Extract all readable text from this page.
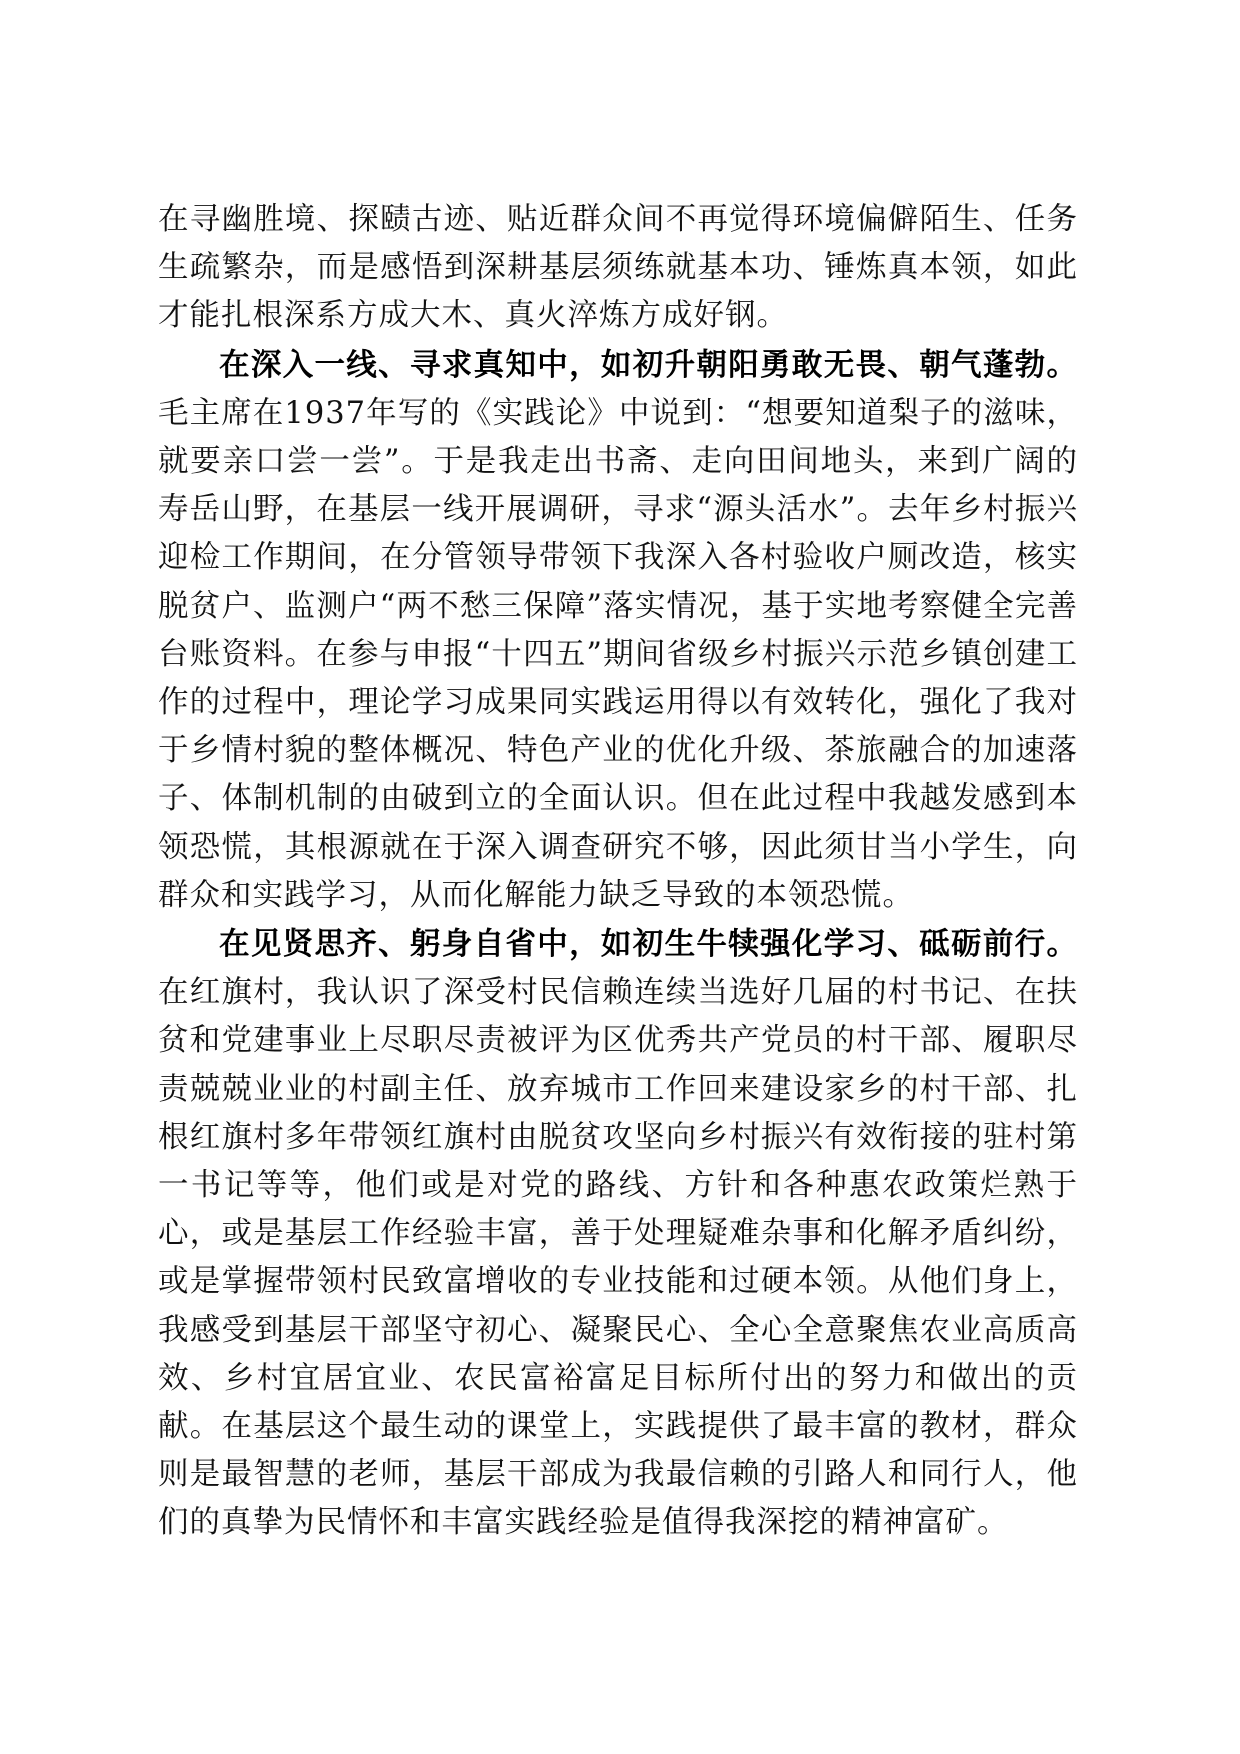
在寻幽胜境、探赜古迹、贴近群众间不再觉得环境偏僻陌生、任务生疏繁杂，而是感悟到深耕基层须练就基本功、锤炼真本领，如此才能扎根深系方成大木、真火淬炼方成好钢。

在深入一线、寻求真知中，如初升朝阳勇敢无畏、朝气蓬勃。毛主席在1937年写的《实践论》中说到：“想要知道梨子的滋味，就要亲口尝一尝”。于是我走出书斋、走向田间地头，来到广阔的寿岳山野，在基层一线开展调研，寻求“源头活水”。去年乡村振兴迎检工作期间，在分管领导带领下我深入各村验收户厕改造，核实脱贫户、监测户“两不愁三保障”落实情况，基于实地考察健全完善台账资料。在参与申报“十四五”期间省级乡村振兴示范乡镇创建工作的过程中，理论学习成果同实践运用得以有效转化，强化了我对于乡情村貌的整体概况、特色产业的优化升级、茶旅融合的加速落子、体制机制的由破到立的全面认识。但在此过程中我越发感到本领恐慌，其根源就在于深入调查研究不够，因此须甘当小学生，向群众和实践学习，从而化解能力缺乏导致的本领恐慌。

在见贤思齐、躬身自省中，如初生牛犊强化学习、砥砺前行。在红旗村，我认识了深受村民信赖连续当选好几届的村书记、在扶贫和党建事业上尽职尽责被评为区优秀共产党员的村干部、履职尽责兢兢业业的村副主任、放弃城市工作回来建设家乡的村干部、扎根红旗村多年带领红旗村由脱贫攻坚向乡村振兴有效衔接的驻村第一书记等等，他们或是对党的路线、方针和各种惠农政策烂熟于心，或是基层工作经验丰富，善于处理疑难杂事和化解矛盾纠纷，或是掌握带领村民致富增收的专业技能和过硬本领。从他们身上，我感受到基层干部坚守初心、凝聚民心、全心全意聚焦农业高质高效、乡村宜居宜业、农民富裕富足目标所付出的努力和做出的贡献。在基层这个最生动的课堂上，实践提供了最丰富的教材，群众则是最智慧的老师，基层干部成为我最信赖的引路人和同行人，他们的真挚为民情怀和丰富实践经验是值得我深挖的精神富矿。
